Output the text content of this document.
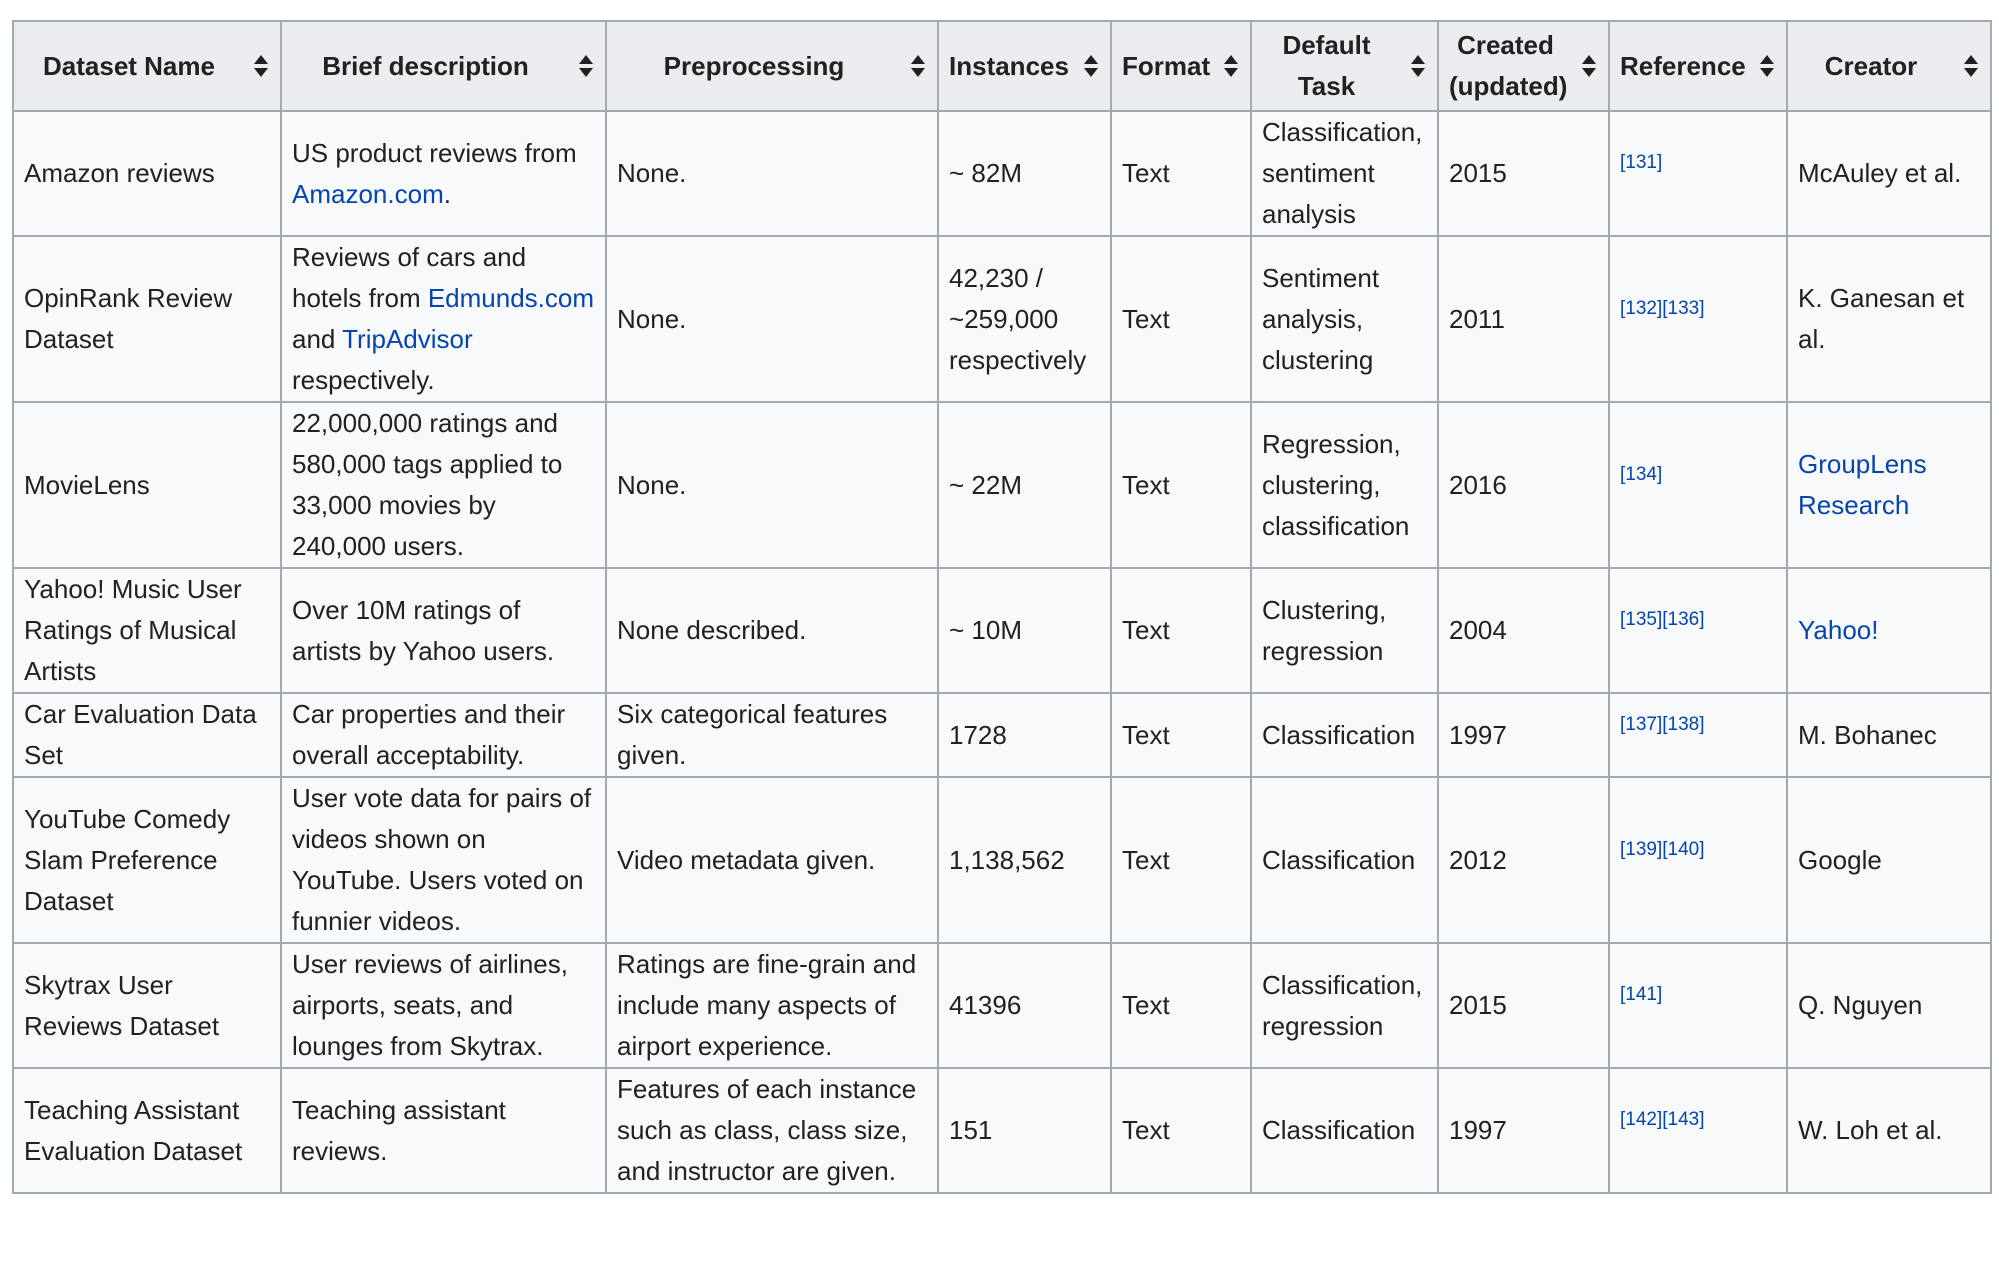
Dataset Name	Brief description	Preprocessing	Instances	Format	Default Task	Created (updated)	Reference	Creator

Amazon reviews	US product reviews from Amazon.com.	None.	~ 82M	Text	Classification, sentiment analysis	2015	[131]	McAuley et al.
OpinRank Review Dataset	Reviews of cars and hotels from Edmunds.com and TripAdvisor respectively.	None.	42,230 / ~259,000 respectively	Text	Sentiment analysis, clustering	2011	[132][133]	K. Ganesan et al.
MovieLens	22,000,000 ratings and 580,000 tags applied to 33,000 movies by 240,000 users.	None.	~ 22M	Text	Regression, clustering, classification	2016	[134]	GroupLens Research
Yahoo! Music User Ratings of Musical Artists	Over 10M ratings of artists by Yahoo users.	None described.	~ 10M	Text	Clustering, regression	2004	[135][136]	Yahoo!
Car Evaluation Data Set	Car properties and their overall acceptability.	Six categorical features given.	1728	Text	Classification	1997	[137][138]	M. Bohanec
YouTube Comedy Slam Preference Dataset	User vote data for pairs of videos shown on YouTube. Users voted on funnier videos.	Video metadata given.	1,138,562	Text	Classification	2012	[139][140]	Google
Skytrax User Reviews Dataset	User reviews of airlines, airports, seats, and lounges from Skytrax.	Ratings are fine-grain and include many aspects of airport experience.	41396	Text	Classification, regression	2015	[141]	Q. Nguyen
Teaching Assistant Evaluation Dataset	Teaching assistant reviews.	Features of each instance such as class, class size, and instructor are given.	151	Text	Classification	1997	[142][143]	W. Loh et al.
